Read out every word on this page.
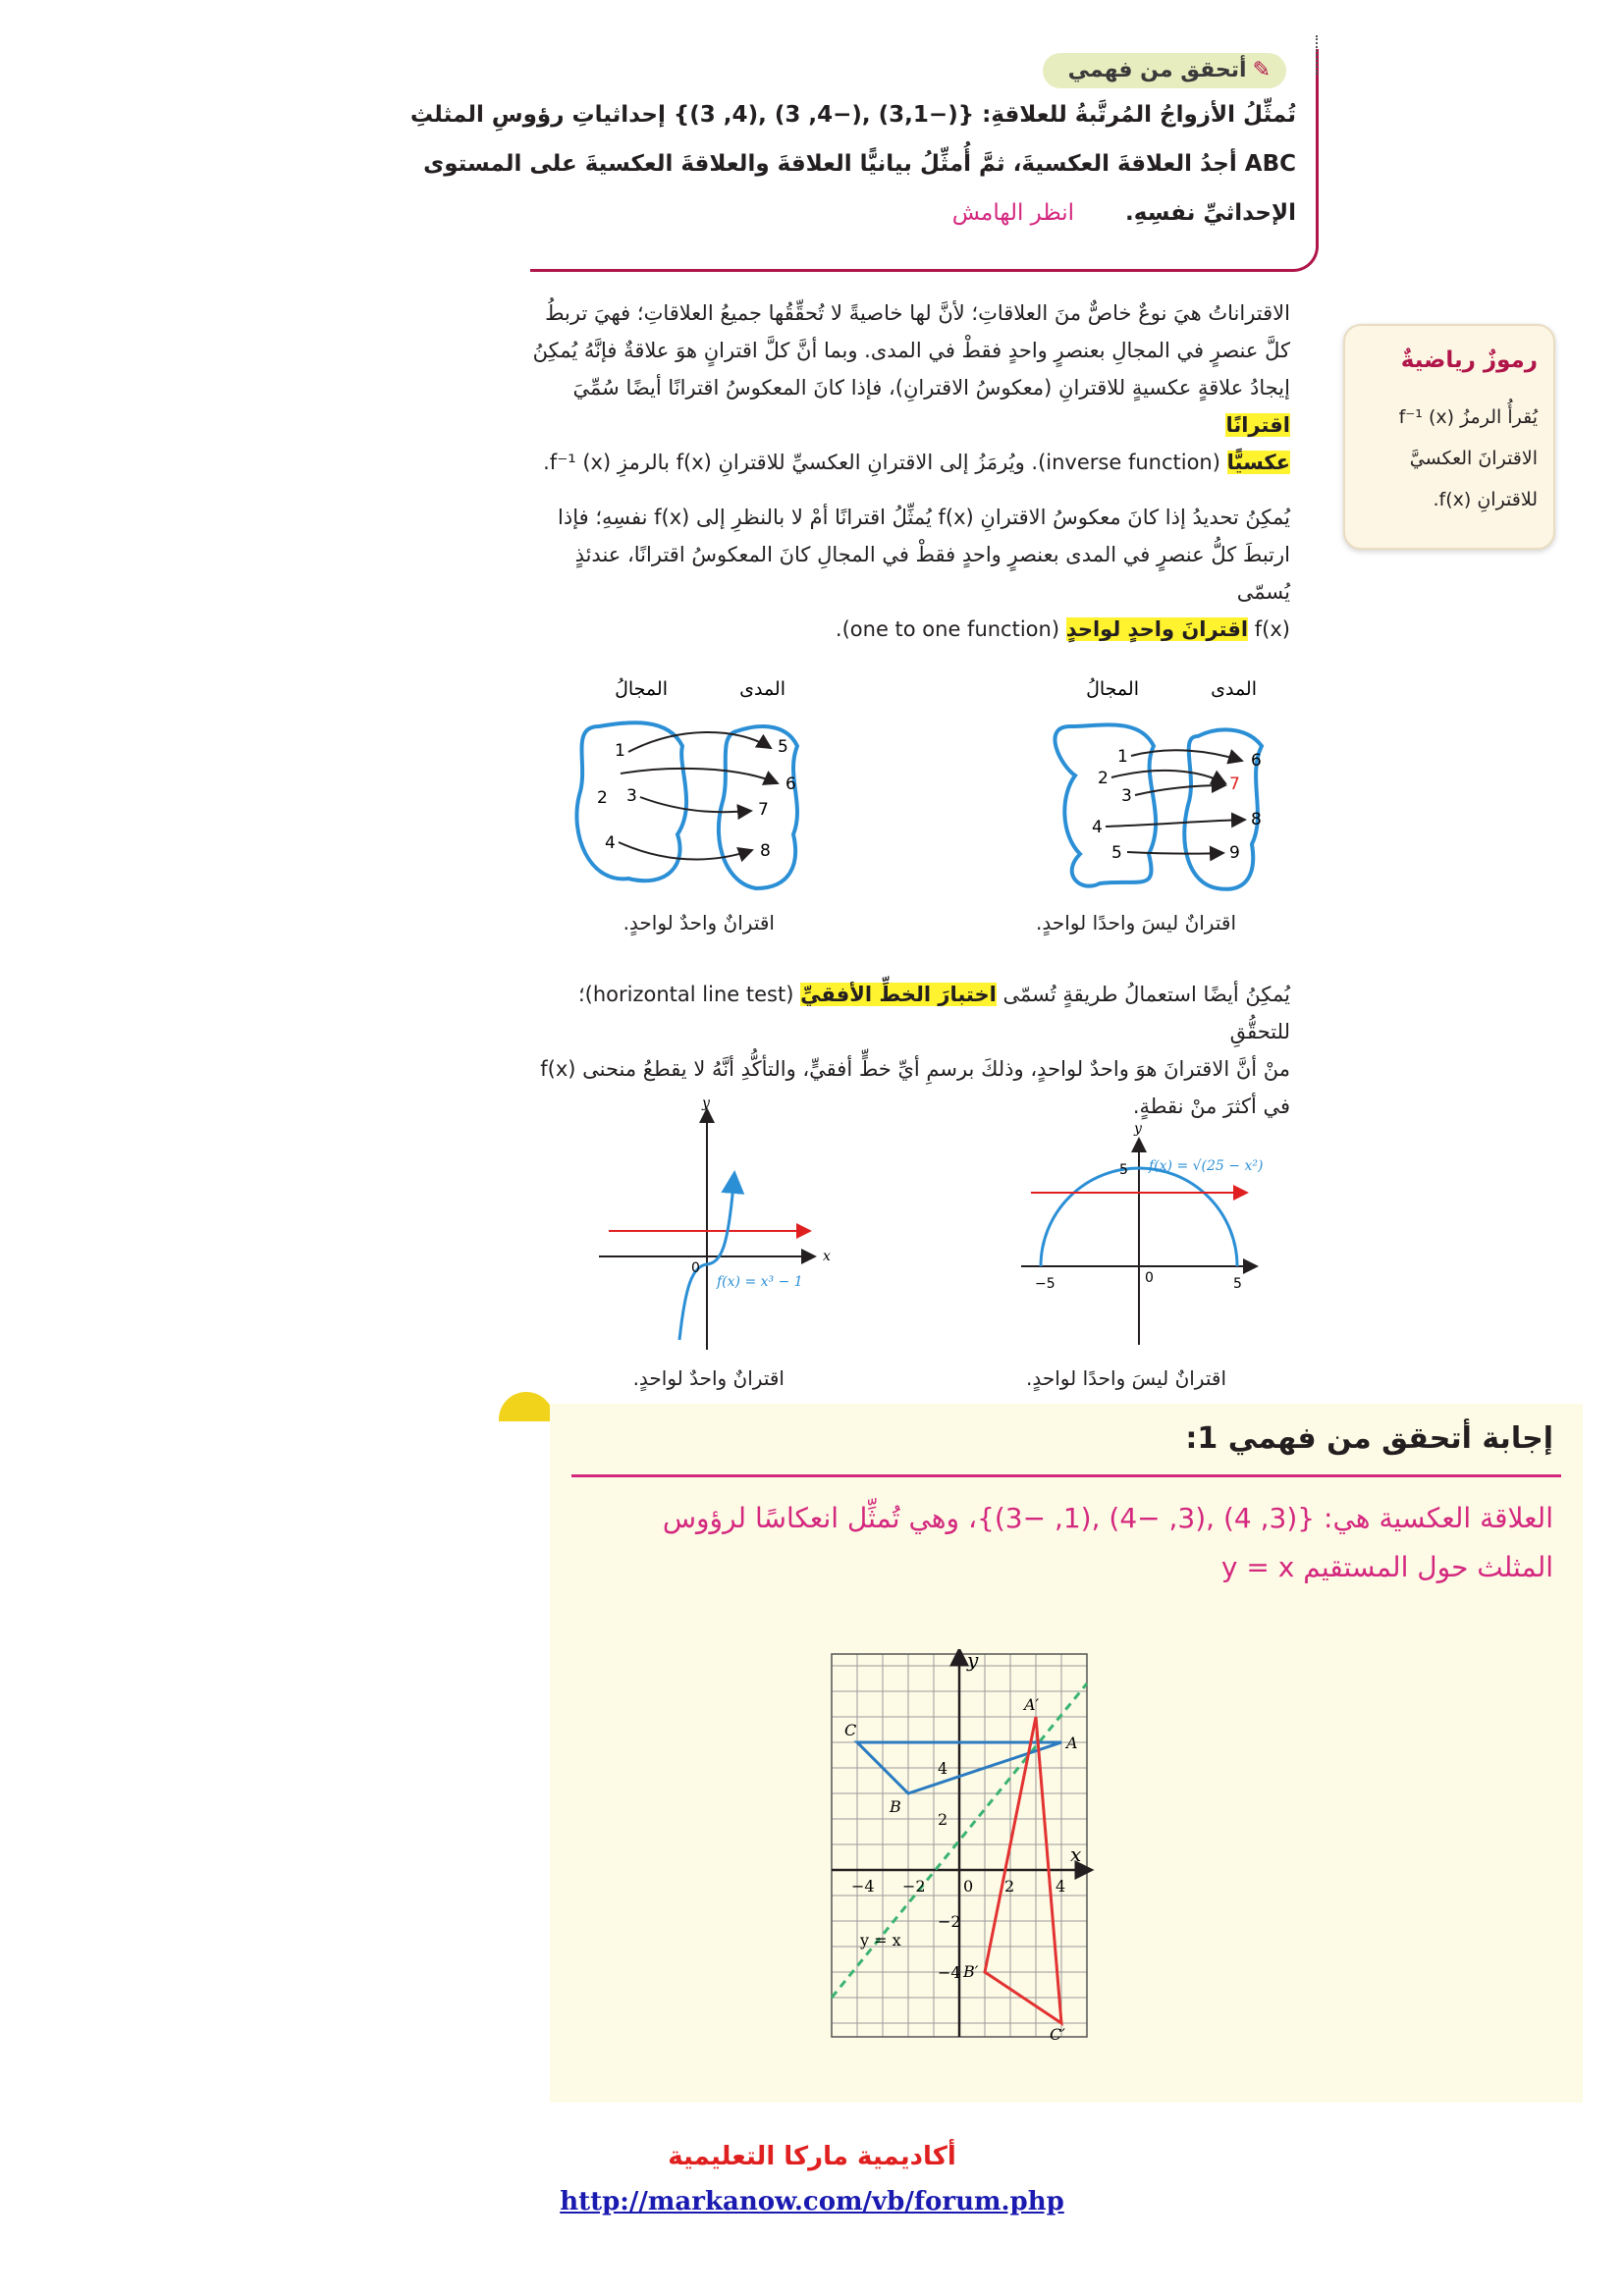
✎أتحقق من فهمي
تُمثِّلُ الأزواجُ المُرتَّبةُ للعلاقةِ: {(−3,1) ,(−4, 3) ,(4, 3)} إحداثياتِ رؤوسِ المثلثِ
ABC أجدُ العلاقةَ العكسيةَ، ثمَّ أُمثِّلُ بيانيًّا العلاقةَ والعلاقةَ العكسيةَ على المستوى
الإحداثيِّ نفسِهِ.  انظر الهامش
رموزٌ رياضيةٌ
يُقرأُ الرمزُ (x) f⁻¹
الاقترانَ العكسيَّ
للاقترانِ f(x).
الاقتراناتُ هيَ نوعٌ خاصٌّ منَ العلاقاتِ؛ لأنَّ لها خاصيةً لا تُحقِّقُها جميعُ العلاقاتِ؛ فهيَ تربطُ
كلَّ عنصرٍ في المجالِ بعنصرٍ واحدٍ فقطْ في المدى. وبما أنَّ كلَّ اقترانٍ هوَ علاقةٌ فإنَّهُ يُمكِنُ
إيجادُ علاقةٍ عكسيةٍ للاقترانِ (معكوسُ الاقترانِ)، فإذا كانَ المعكوسُ اقترانًا أيضًا سُمِّيَ اقترانًا
عكسيًّا (inverse function). ويُرمَزُ إلى الاقترانِ العكسيِّ للاقترانِ f(x) بالرمزِ f⁻¹ (x).
يُمكِنُ تحديدُ إذا كانَ معكوسُ الاقترانِ f(x) يُمثِّلُ اقترانًا أمْ لا بالنظرِ إلى f(x) نفسِهِ؛ فإذا
ارتبطَ كلُّ عنصرٍ في المدى بعنصرٍ واحدٍ فقطْ في المجالِ كانَ المعكوسُ اقترانًا، عندئذٍ يُسمّى
f(x) اقترانَ واحدٍ لواحدٍ (one to one function).
المدى
المجالُ
1
2
3
4
5
6
7
8
9
المدى
المجالُ
1
3
2
4
5
6
7
8
اقترانٌ ليسَ واحدًا لواحدٍ.
اقترانٌ واحدٌ لواحدٍ.
يُمكِنُ أيضًا استعمالُ طريقةٍ تُسمّى اختبارَ الخطِّ الأفقيِّ (horizontal line test)؛ للتحقُّقِ
منْ أنَّ الاقترانَ هوَ واحدٌ لواحدٍ، وذلكَ برسمِ أيِّ خطٍّ أفقيٍّ، والتأكُّدِ أنَّهُ لا يقطعُ منحنى f(x)
في أكثرَ منْ نقطةٍ.
y
−5	0	5
5 f(x) = √(25 − x²)
x
y
0
f(x) = x³ − 1
اقترانٌ ليسَ واحدًا لواحدٍ.
اقترانٌ واحدٌ لواحدٍ.
إجابة أتحقق من فهمي 1:
العلاقة العكسية هي: {(3, 4) ,(3, −4) ,(1, −3)}، وهي تُمثِّل انعكاسًا لرؤوس
المثلث حول المستقيم y = x
x
y
−4 −2 0 2	4
4
2
−2
−4
A
B
C
A′
B′
C′
y = x
أكاديمية ماركا التعليمية
http://markanow.com/vb/forum.php
